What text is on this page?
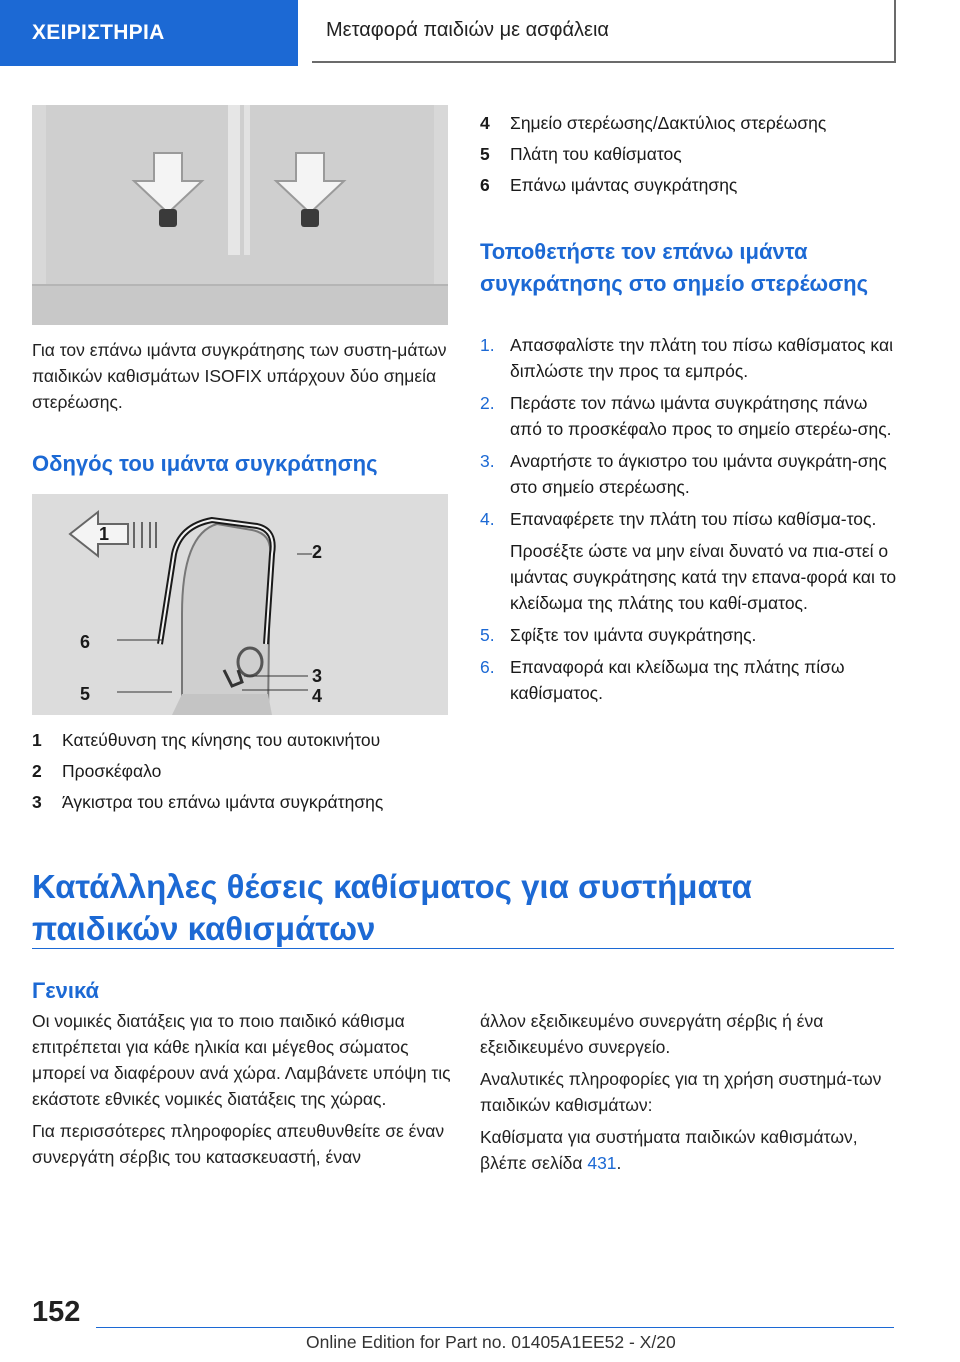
ΧΕΙΡΙΣΤΗΡΙΑ	Μεταφορά παιδιών με ασφάλεια

Για τον επάνω ιμάντα συγκράτησης των συστη‐μάτων παιδικών καθισμάτων ISOFIX υπάρχουν δύο σημεία στερέωσης.

Οδηγός του ιμάντα συγκράτησης
1
2
6
3
5	4
1	Κατεύθυνση της κίνησης του αυτοκινήτου
2	Προσκέφαλο
3	Άγκιστρα του επάνω ιμάντα συγκράτησης
4	Σημείο στερέωσης/Δακτύλιος στερέωσης
5	Πλάτη του καθίσματος
6	Επάνω ιμάντας συγκράτησης
Τοποθετήστε τον επάνω ιμάντα συγκράτησης στο σημείο στερέωσης
1. Απασφαλίστε την πλάτη του πίσω καθίσματος και διπλώστε την προς τα εμπρός.
2. Περάστε τον πάνω ιμάντα συγκράτησης πάνω από το προσκέφαλο προς το σημείο στερέω‐σης.
3. Αναρτήστε το άγκιστρο του ιμάντα συγκράτη‐σης στο σημείο στερέωσης.
4. Επαναφέρετε την πλάτη του πίσω καθίσμα‐τος.
Προσέξτε ώστε να μην είναι δυνατό να πια‐στεί ο ιμάντας συγκράτησης κατά την επανα‐φορά και το κλείδωμα της πλάτης του καθί‐σματος.
5. Σφίξτε τον ιμάντα συγκράτησης.
6. Επαναφορά και κλείδωμα της πλάτης πίσω καθίσματος.
Κατάλληλες θέσεις καθίσματος για συστήματα παιδικών καθισμάτων
Γενικά

Οι νομικές διατάξεις για το ποιο παιδικό κάθισμα επιτρέπεται για κάθε ηλικία και μέγεθος σώματος μπορεί να διαφέρουν ανά χώρα. Λαμβάνετε υπόψη τις εκάστοτε εθνικές νομικές διατάξεις της χώρας.

Για περισσότερες πληροφορίες απευθυνθείτε σε έναν συνεργάτη σέρβις του κατασκευαστή, έναν

άλλον εξειδικευμένο συνεργάτη σέρβις ή ένα εξειδικευμένο συνεργείο.

Αναλυτικές πληροφορίες για τη χρήση συστημά‐των παιδικών καθισμάτων:

Καθίσματα για συστήματα παιδικών καθισμάτων, βλέπε σελίδα 431.

152
Online Edition for Part no. 01405A1EE52 - X/20
